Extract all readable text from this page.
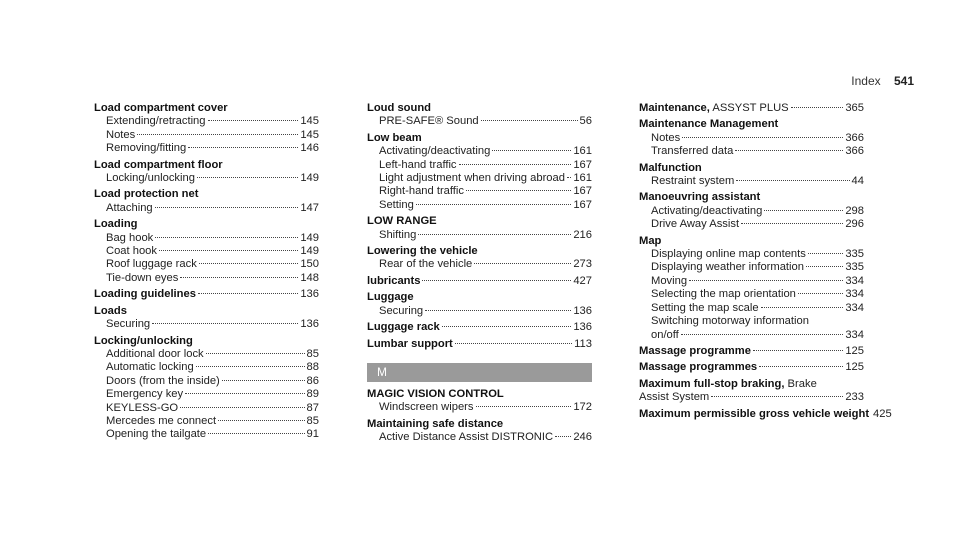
Index 541
Load compartment cover
Extending/retracting	145
Notes	145
Removing/fitting	146
Load compartment floor
Locking/unlocking	149
Load protection net
Attaching	147
Loading
Bag hook	149
Coat hook	149
Roof luggage rack	150
Tie-down eyes	148
Loading guidelines	136
Loads
Securing	136
Locking/unlocking
Additional door lock	85
Automatic locking	88
Doors (from the inside)	86
Emergency key	89
KEYLESS-GO	87
Mercedes me connect	85
Opening the tailgate	91
Loud sound
PRE-SAFE® Sound	56
Low beam
Activating/deactivating	161
Left-hand traffic	167
Light adjustment when driving abroad 161
Right-hand traffic	167
Setting	167
LOW RANGE
Shifting	216
Lowering the vehicle
Rear of the vehicle	273
lubricants	427
Luggage
Securing	136
Luggage rack	136
Lumbar support	113
M
MAGIC VISION CONTROL
Windscreen wipers	172
Maintaining safe distance
Active Distance Assist DISTRONIC 246
Maintenance, ASSYST PLUS	365
Maintenance Management
Notes	366
Transferred data	366
Malfunction
Restraint system	44
Manoeuvring assistant
Activating/deactivating	298
Drive Away Assist	296
Map
Displaying online map contents	335
Displaying weather information	335
Moving	334
Selecting the map orientation	334
Setting the map scale	334
Switching motorway information
on/off	334
Massage programme	125
Massage programmes	125
Maximum full-stop braking, Brake
Assist System	233
Maximum permissible gross vehicle weight 425
